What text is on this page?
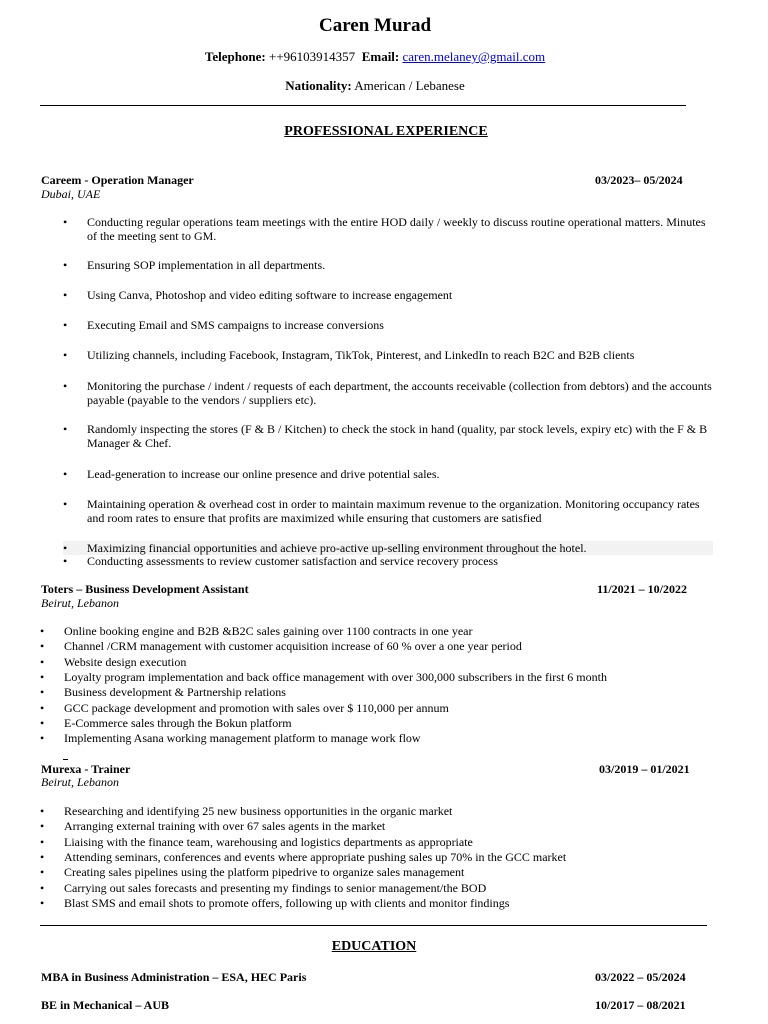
Caren Murad
Telephone: ++96103914357 Email: caren.melaney@gmail.com
Nationality: American / Lebanese
PROFESSIONAL EXPERIENCE
Careem - Operation Manager	03/2023– 05/2024
Dubai, UAE
• Conducting regular operations team meetings with the entire HOD daily / weekly to discuss routine operational matters. Minutes of the meeting sent to GM.
• Ensuring SOP implementation in all departments.
• Using Canva, Photoshop and video editing software to increase engagement
• Executing Email and SMS campaigns to increase conversions
• Utilizing channels, including Facebook, Instagram, TikTok, Pinterest, and LinkedIn to reach B2C and B2B clients
• Monitoring the purchase / indent / requests of each department, the accounts receivable (collection from debtors) and the accounts payable (payable to the vendors / suppliers etc).
• Randomly inspecting the stores (F & B / Kitchen) to check the stock in hand (quality, par stock levels, expiry etc) with the F & B Manager & Chef.
• Lead-generation to increase our online presence and drive potential sales.
• Maintaining operation & overhead cost in order to maintain maximum revenue to the organization. Monitoring occupancy rates and room rates to ensure that profits are maximized while ensuring that customers are satisfied
• Maximizing financial opportunities and achieve pro-active up-selling environment throughout the hotel.
• Conducting assessments to review customer satisfaction and service recovery process
Toters – Business Development Assistant	11/2021 – 10/2022
Beirut, Lebanon
• Online booking engine and B2B &B2C sales gaining over 1100 contracts in one year
• Channel /CRM management with customer acquisition increase of 60 % over a one year period
• Website design execution
• Loyalty program implementation and back office management with over 300,000 subscribers in the first 6 month
• Business development & Partnership relations
• GCC package development and promotion with sales over $ 110,000 per annum
• E-Commerce sales through the Bokun platform
• Implementing Asana working management platform to manage work flow
Murexa - Trainer	03/2019 – 01/2021
Beirut, Lebanon
• Researching and identifying 25 new business opportunities in the organic market
• Arranging external training with over 67 sales agents in the market
• Liaising with the finance team, warehousing and logistics departments as appropriate
• Attending seminars, conferences and events where appropriate pushing sales up 70% in the GCC market
• Creating sales pipelines using the platform pipedrive to organize sales management
• Carrying out sales forecasts and presenting my findings to senior management/the BOD
• Blast SMS and email shots to promote offers, following up with clients and monitor findings
EDUCATION
MBA in Business Administration – ESA, HEC Paris	03/2022 – 05/2024
BE in Mechanical – AUB	10/2017 – 08/2021
